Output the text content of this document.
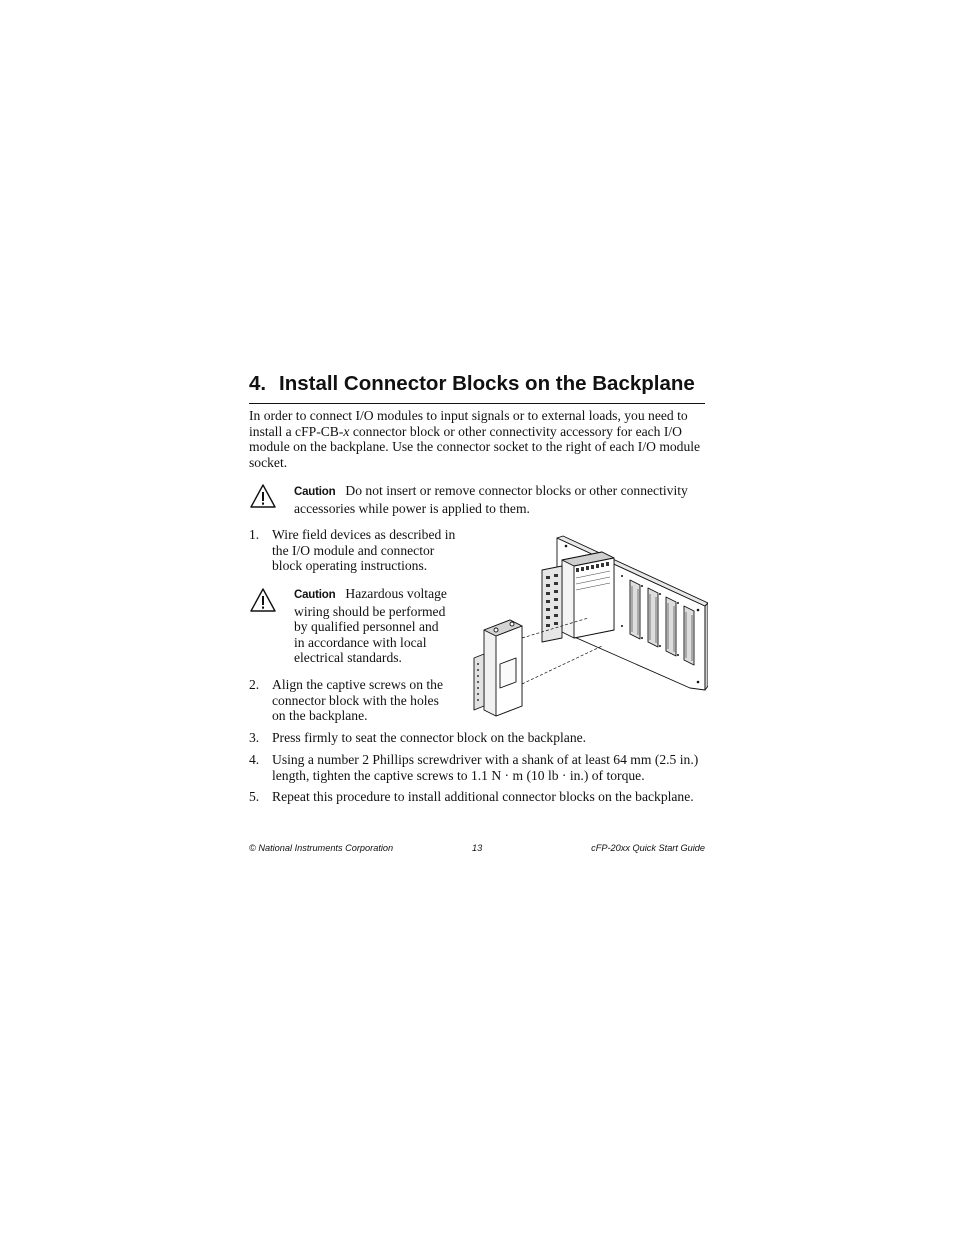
4. Install Connector Blocks on the Backplane
In order to connect I/O modules to input signals or to external loads, you need to install a cFP-CB-x connector block or other connectivity accessory for each I/O module on the backplane. Use the connector socket to the right of each I/O module socket.
Caution Do not insert or remove connector blocks or other connectivity accessories while power is applied to them.
1. Wire field devices as described in
the I/O module and connector
block operating instructions.
Caution Hazardous voltage
wiring should be performed
by qualified personnel and
in accordance with local
electrical standards.
2. Align the captive screws on the
connector block with the holes
on the backplane.
3. Press firmly to seat the connector block on the backplane.
4. Using a number 2 Phillips screwdriver with a shank of at least 64 mm (2.5 in.)
length, tighten the captive screws to 1.1 N · m (10 lb · in.) of torque.
5. Repeat this procedure to install additional connector blocks on the backplane.
© National Instruments Corporation	13	cFP-20xx Quick Start Guide
